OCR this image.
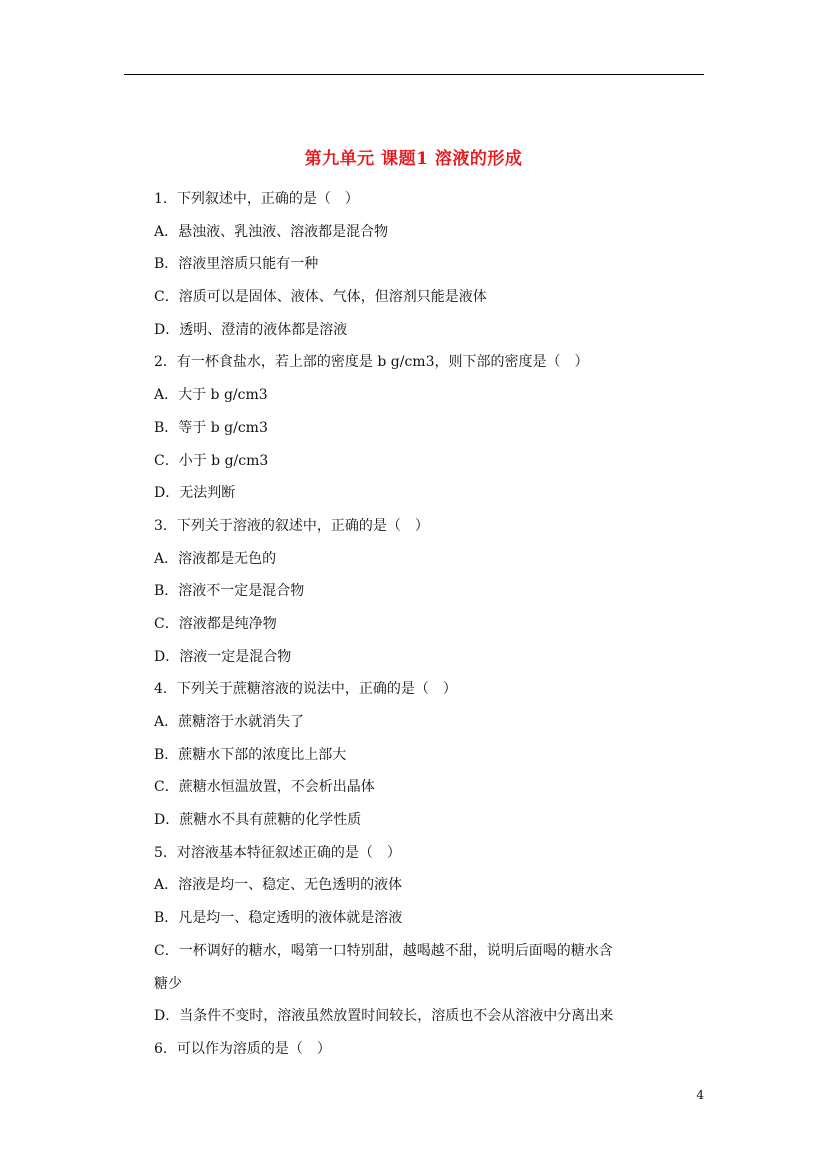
第九单元 课题1 溶液的形成
1．下列叙述中，正确的是（　）
A．悬浊液、乳浊液、溶液都是混合物
B．溶液里溶质只能有一种
C．溶质可以是固体、液体、气体，但溶剂只能是液体
D．透明、澄清的液体都是溶液
2．有一杯食盐水，若上部的密度是 b g/cm3，则下部的密度是（　）
A．大于 b g/cm3
B．等于 b g/cm3
C．小于 b g/cm3
D．无法判断
3．下列关于溶液的叙述中，正确的是（　）
A．溶液都是无色的
B．溶液不一定是混合物
C．溶液都是纯净物
D．溶液一定是混合物
4．下列关于蔗糖溶液的说法中，正确的是（　）
A．蔗糖溶于水就消失了
B．蔗糖水下部的浓度比上部大
C．蔗糖水恒温放置，不会析出晶体
D．蔗糖水不具有蔗糖的化学性质
5．对溶液基本特征叙述正确的是（　）
A．溶液是均一、稳定、无色透明的液体
B．凡是均一、稳定透明的液体就是溶液
C．一杯调好的糖水，喝第一口特别甜，越喝越不甜，说明后面喝的糖水含
糖少
D．当条件不变时，溶液虽然放置时间较长，溶质也不会从溶液中分离出来
6．可以作为溶质的是（　）
4
